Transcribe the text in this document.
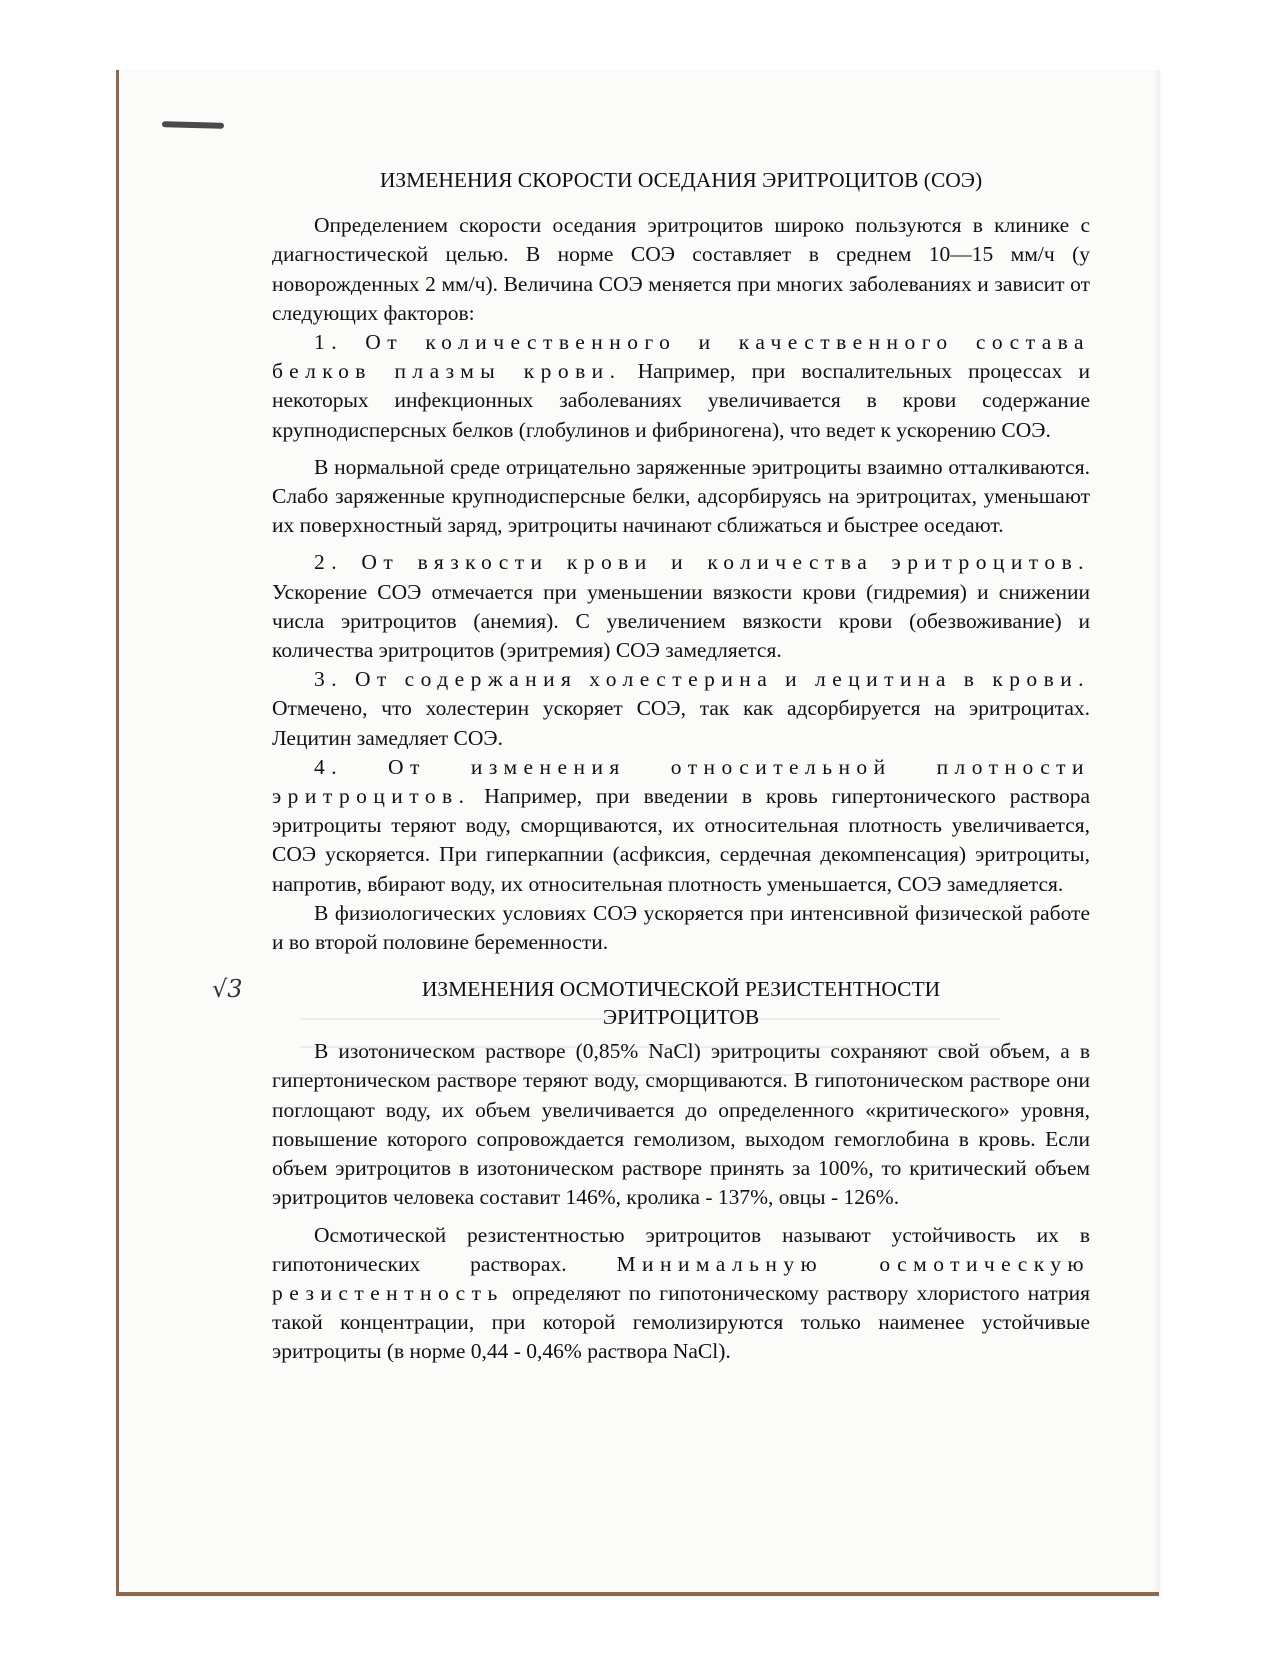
ИЗМЕНЕНИЯ СКОРОСТИ ОСЕДАНИЯ ЭРИТРОЦИТОВ (СОЭ)

Определением скорости оседания эритроцитов широко пользуются в клинике с диагностической целью. В норме СОЭ составляет в среднем 10—15 мм/ч (у новорожденных 2 мм/ч). Величина СОЭ меняется при многих заболеваниях и зависит от следующих факторов:

1. От количественного и качественного состава белков плазмы крови. Например, при воспалительных процессах и некоторых инфекционных заболеваниях увеличивается в крови содержание крупнодисперсных белков (глобулинов и фибриногена), что ведет к ускорению СОЭ.

В нормальной среде отрицательно заряженные эритроциты взаимно отталкиваются. Слабо заряженные крупнодисперсные белки, адсорбируясь на эритроцитах, уменьшают их поверхностный заряд, эритроциты начинают сближаться и быстрее оседают.

2. От вязкости крови и количества эритроцитов. Ускорение СОЭ отмечается при уменьшении вязкости крови (гидремия) и снижении числа эритроцитов (анемия). С увеличением вязкости крови (обезвоживание) и количества эритроцитов (эритремия) СОЭ замедляется.

3. От содержания холестерина и лецитина в крови. Отмечено, что холестерин ускоряет СОЭ, так как адсорбируется на эритроцитах. Лецитин замедляет СОЭ.

4. От изменения относительной плотности эритроцитов. Например, при введении в кровь гипертонического раствора эритроциты теряют воду, сморщиваются, их относительная плотность увеличивается, СОЭ ускоряется. При гиперкапнии (асфиксия, сердечная декомпенсация) эритроциты, напротив, вбирают воду, их относительная плотность уменьшается, СОЭ замедляется.

В физиологических условиях СОЭ ускоряется при интенсивной физической работе и во второй половине беременности.

√3	ИЗМЕНЕНИЯ ОСМОТИЧЕСКОЙ РЕЗИСТЕНТНОСТИ
ЭРИТРОЦИТОВ

В изотоническом растворе (0,85% NaCl) эритроциты сохраняют свой объем, а в гипертоническом растворе теряют воду, сморщиваются. В гипотоническом растворе они поглощают воду, их объем увеличивается до определенного «критического» уровня, повышение которого сопровождается гемолизом, выходом гемоглобина в кровь. Если объем эритроцитов в изотоническом растворе принять за 100%, то критический объем эритроцитов человека составит 146%, кролика - 137%, овцы - 126%.

Осмотической резистентностью эритроцитов называют устойчивость их в гипотонических растворах. Минимальную осмотическую резистентность определяют по гипотоническому раствору хлористого натрия такой концентрации, при которой гемолизируются только наименее устойчивые эритроциты (в норме 0,44 - 0,46% раствора NaCl).
